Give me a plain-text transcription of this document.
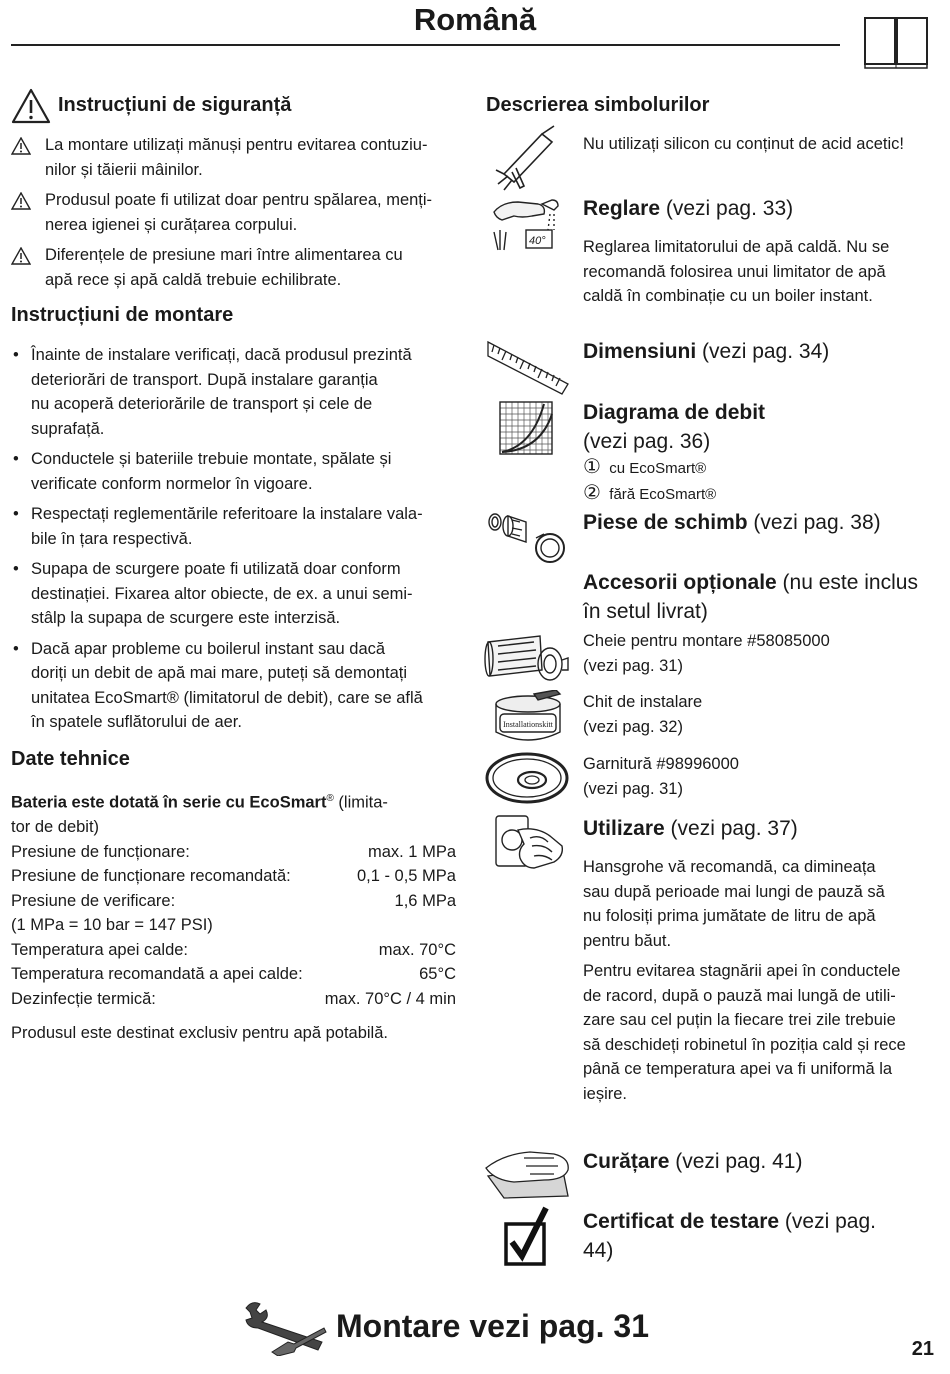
Română
Instrucțiuni de siguranță
La montare utilizați mănuși pentru evitarea contuziu-
nilor și tăierii mâinilor.
Produsul poate fi utilizat doar pentru spălarea, menți-
nerea igienei și curățarea corpului.
Diferențele de presiune mari între alimentarea cu
apă rece și apă caldă trebuie echilibrate.
Instrucțiuni de montare
• Înainte de instalare verificați, dacă produsul prezintă
deteriorări de transport. După instalare garanția
nu acoperă deteriorările de transport și cele de
suprafață.
• Conductele și bateriile trebuie montate, spălate și
verificate conform normelor în vigoare.
• Respectați reglementările referitoare la instalare vala-
bile în țara respectivă.
• Supapa de scurgere poate fi utilizată doar conform
destinației. Fixarea altor obiecte, de ex. a unui semi-
stâlp la supapa de scurgere este interzisă.
• Dacă apar probleme cu boilerul instant sau dacă
doriți un debit de apă mai mare, puteți să demontați
unitatea EcoSmart® (limitatorul de debit), care se află
în spatele suflătorului de aer.
Date tehnice
Bateria este dotată în serie cu EcoSmart® (limita-
tor de debit)
Presiune de funcționare:	max. 1 MPa
Presiune de funcționare recomandată:	0,1 - 0,5 MPa
Presiune de verificare:	1,6 MPa
(1 MPa = 10 bar = 147 PSI)
Temperatura apei calde:	max. 70°C
Temperatura recomandată a apei calde:	65°C
Dezinfecție termică:	max. 70°C / 4 min
Produsul este destinat exclusiv pentru apă potabilă.
Descrierea simbolurilor
Nu utilizați silicon cu conținut de acid acetic!
40°
Reglare (vezi pag. 33)
Reglarea limitatorului de apă caldă. Nu se
recomandă folosirea unui limitator de apă
caldă în combinație cu un boiler instant.
Dimensiuni (vezi pag. 34)
Diagrama de debit
(vezi pag. 36)
① cu EcoSmart®
② fără EcoSmart®
Piese de schimb (vezi pag. 38)
Accesorii opționale (nu este inclus
în setul livrat)
Cheie pentru montare #58085000
(vezi pag. 31)
Installationskitt
Chit de instalare
(vezi pag. 32)
Garnitură #98996000
(vezi pag. 31)
Utilizare (vezi pag. 37)
Hansgrohe vă recomandă, ca dimineața
sau după perioade mai lungi de pauză să
nu folosiți prima jumătate de litru de apă
pentru băut.
Pentru evitarea stagnării apei în conductele
de racord, după o pauză mai lungă de utili-
zare sau cel puțin la fiecare trei zile trebuie
să deschideți robinetul în poziția cald și rece
până ce temperatura apei va fi uniformă la
ieșire.
Curățare (vezi pag. 41)
Certificat de testare (vezi pag.
44)
Montare vezi pag. 31
21
